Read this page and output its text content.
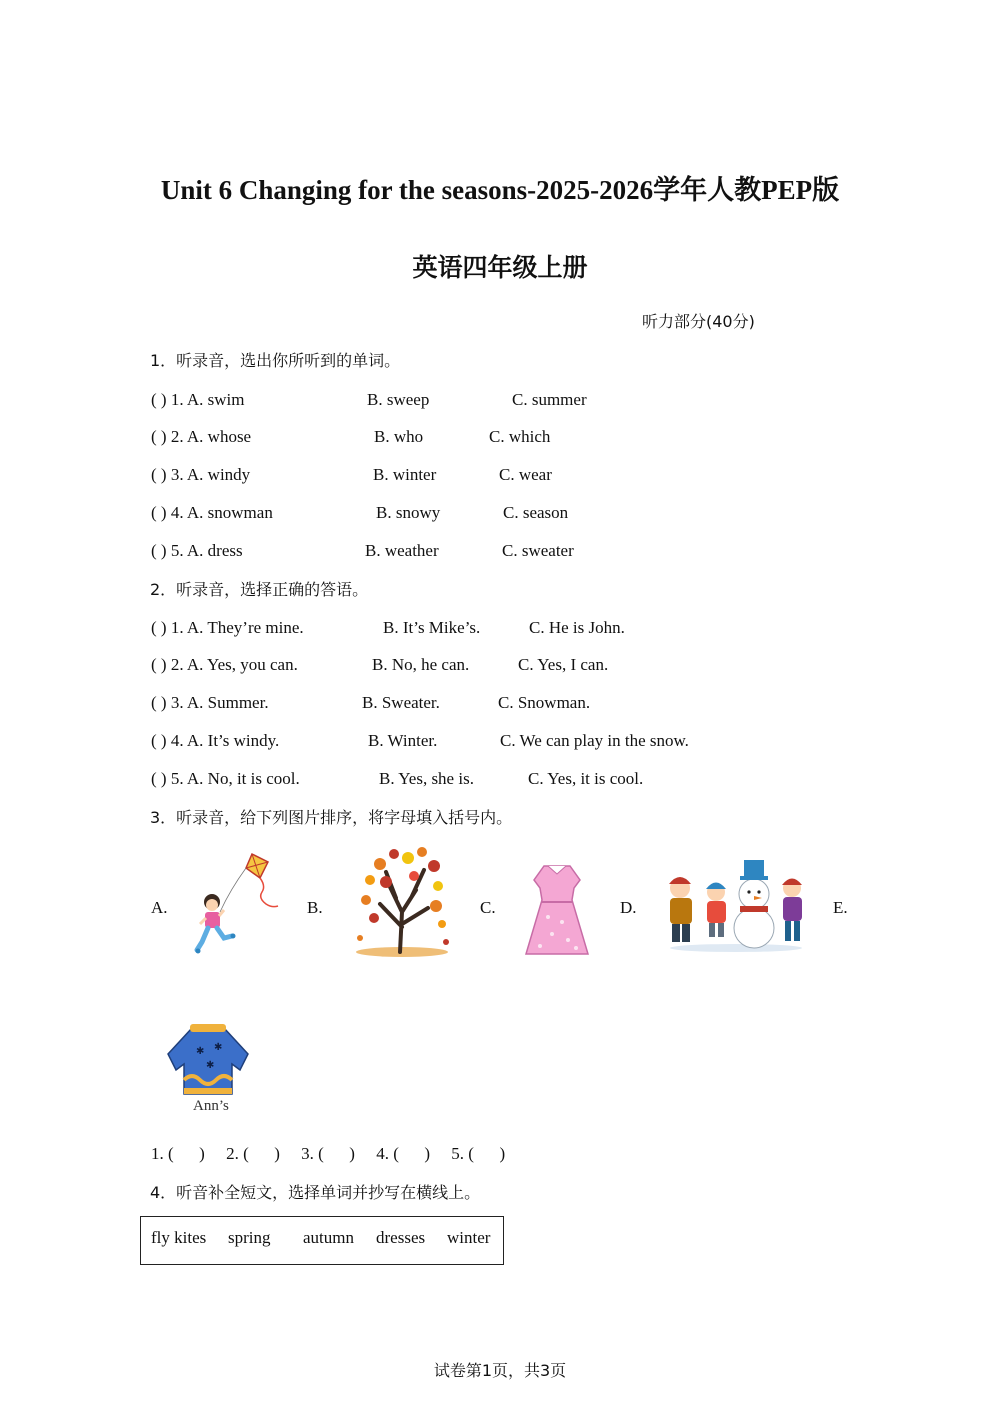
Unit 6 Changing for the seasons-2025-2026学年人教PEP版
英语四年级上册
听力部分(40分)
1．听录音，选出你所听到的单词。
( ) 1. A. swim	B. sweep	C. summer
( ) 2. A. whose	B. who	C. which
( ) 3. A. windy	B. winter	C. wear
( ) 4. A. snowman	B. snowy	C. season
( ) 5. A. dress	B. weather	C. sweater
2．听录音，选择正确的答语。
( ) 1. A. They’re mine.	B. It’s Mike’s.	C. He is John.
( ) 2. A. Yes, you can.	B. No, he can.	C. Yes, I can.
( ) 3. A. Summer.	B. Sweater.	C. Snowman.
( ) 4. A. It’s windy.	B. Winter.	C. We can play in the snow.
( ) 5. A. No, it is cool.	B. Yes, she is.	C. Yes, it is cool.
3．听录音，给下列图片排序，将字母填入括号内。
A.	B.	C.	D.	E.
✱ ✱
✱
Ann’s
1. (      )     2. (      )     3. (      )     4. (      )     5. (      )
4．听音补全短文，选择单词并抄写在横线上。
fly kites spring autumn dresses winter
试卷第1页，共3页
